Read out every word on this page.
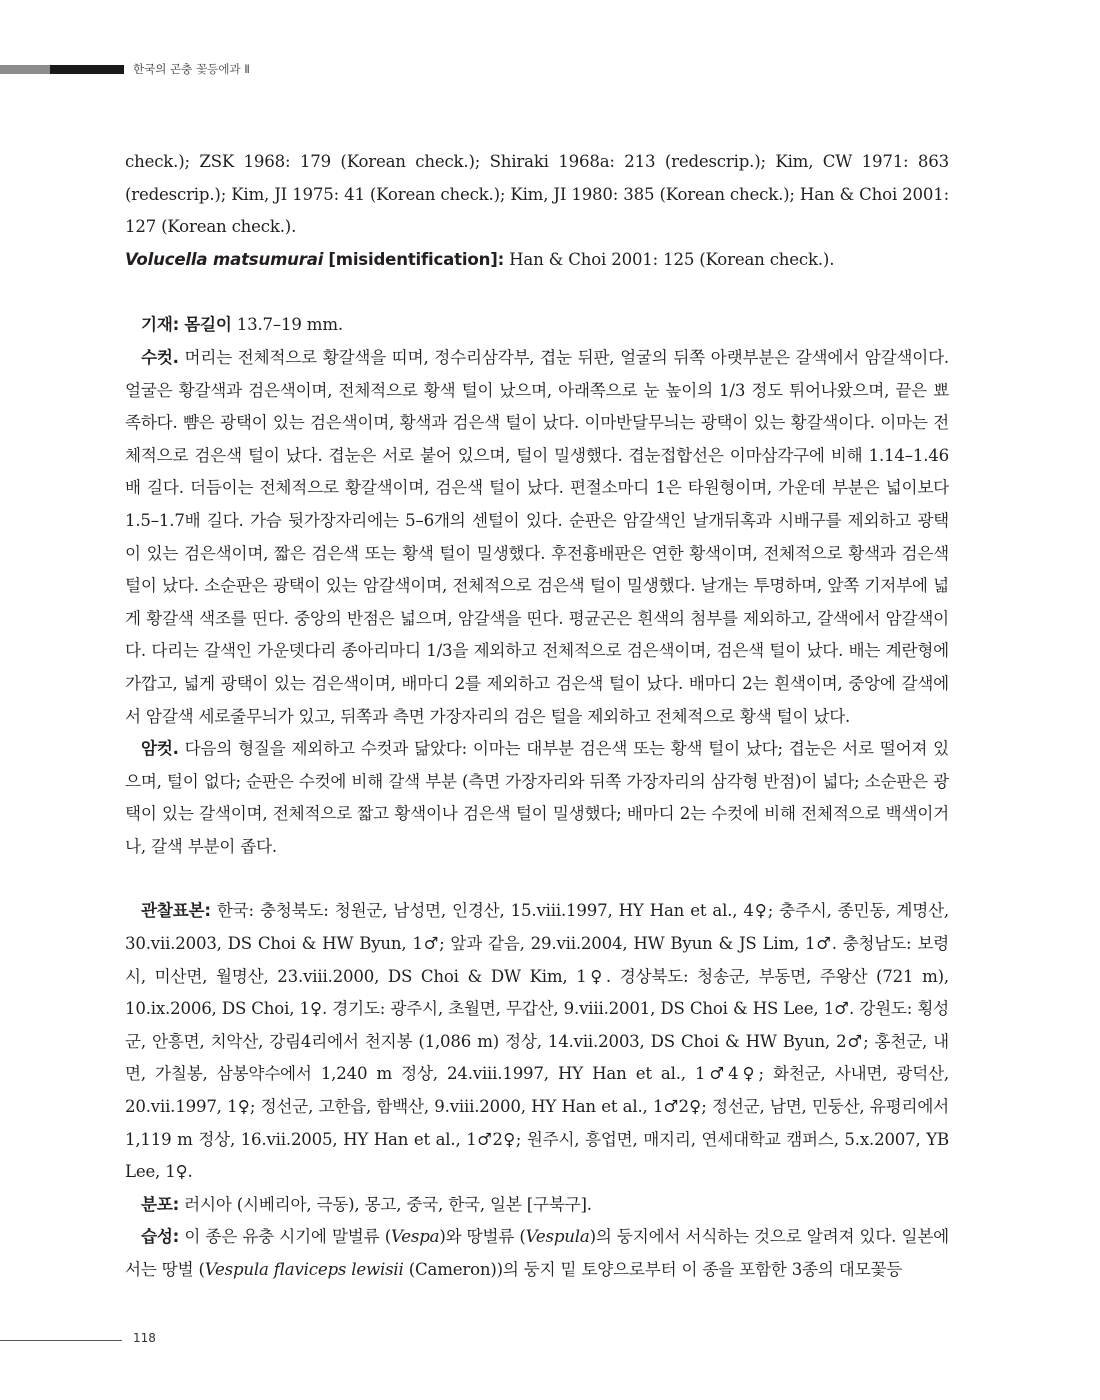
한국의 곤충 꽃등에과 Ⅱ

check.); ZSK 1968: 179 (Korean check.); Shiraki 1968a: 213 (redescrip.); Kim, CW 1971: 863 (redescrip.); Kim, JI 1975: 41 (Korean check.); Kim, JI 1980: 385 (Korean check.); Han & Choi 2001: 127 (Korean check.).
Volucella matsumurai [misidentification]: Han & Choi 2001: 125 (Korean check.).

기재: 몸길이 13.7–19 mm.

수컷. 머리는 전체적으로 황갈색을 띠며, 정수리삼각부, 겹눈 뒤판, 얼굴의 뒤쪽 아랫부분은 갈색에서 암갈색이다. 얼굴은 황갈색과 검은색이며, 전체적으로 황색 털이 났으며, 아래쪽으로 눈 높이의 1/3 정도 튀어나왔으며, 끝은 뾰족하다. 뺨은 광택이 있는 검은색이며, 황색과 검은색 털이 났다. 이마반달무늬는 광택이 있는 황갈색이다. 이마는 전체적으로 검은색 털이 났다. 겹눈은 서로 붙어 있으며, 털이 밀생했다. 겹눈접합선은 이마삼각구에 비해 1.14–1.46배 길다. 더듬이는 전체적으로 황갈색이며, 검은색 털이 났다. 편절소마디 1은 타원형이며, 가운데 부분은 넓이보다 1.5–1.7배 길다. 가슴 뒷가장자리에는 5–6개의 센털이 있다. 순판은 암갈색인 날개뒤혹과 시배구를 제외하고 광택이 있는 검은색이며, 짧은 검은색 또는 황색 털이 밀생했다. 후전흉배판은 연한 황색이며, 전체적으로 황색과 검은색 털이 났다. 소순판은 광택이 있는 암갈색이며, 전체적으로 검은색 털이 밀생했다. 날개는 투명하며, 앞쪽 기저부에 넓게 황갈색 색조를 띤다. 중앙의 반점은 넓으며, 암갈색을 띤다. 평균곤은 흰색의 첨부를 제외하고, 갈색에서 암갈색이다. 다리는 갈색인 가운뎃다리 종아리마디 1/3을 제외하고 전체적으로 검은색이며, 검은색 털이 났다. 배는 계란형에 가깝고, 넓게 광택이 있는 검은색이며, 배마디 2를 제외하고 검은색 털이 났다. 배마디 2는 흰색이며, 중앙에 갈색에서 암갈색 세로줄무늬가 있고, 뒤쪽과 측면 가장자리의 검은 털을 제외하고 전체적으로 황색 털이 났다.

암컷. 다음의 형질을 제외하고 수컷과 닮았다: 이마는 대부분 검은색 또는 황색 털이 났다; 겹눈은 서로 떨어져 있으며, 털이 없다; 순판은 수컷에 비해 갈색 부분 (측면 가장자리와 뒤쪽 가장자리의 삼각형 반점)이 넓다; 소순판은 광택이 있는 갈색이며, 전체적으로 짧고 황색이나 검은색 털이 밀생했다; 배마디 2는 수컷에 비해 전체적으로 백색이거나, 갈색 부분이 좁다.

관찰표본: 한국: 충청북도: 청원군, 남성면, 인경산, 15.viii.1997, HY Han et al., 4♀; 충주시, 종민동, 계명산, 30.vii.2003, DS Choi & HW Byun, 1♂; 앞과 같음, 29.vii.2004, HW Byun & JS Lim, 1♂. 충청남도: 보령시, 미산면, 월명산, 23.viii.2000, DS Choi & DW Kim, 1♀. 경상북도: 청송군, 부동면, 주왕산 (721 m), 10.ix.2006, DS Choi, 1♀. 경기도: 광주시, 초월면, 무갑산, 9.viii.2001, DS Choi & HS Lee, 1♂. 강원도: 횡성군, 안흥면, 치악산, 강림4리에서 천지봉 (1,086 m) 정상, 14.vii.2003, DS Choi & HW Byun, 2♂; 홍천군, 내면, 가칠봉, 삼봉약수에서 1,240 m 정상, 24.viii.1997, HY Han et al., 1♂4♀; 화천군, 사내면, 광덕산, 20.vii.1997, 1♀; 정선군, 고한읍, 함백산, 9.viii.2000, HY Han et al., 1♂2♀; 정선군, 남면, 민둥산, 유평리에서 1,119 m 정상, 16.vii.2005, HY Han et al., 1♂2♀; 원주시, 흥업면, 매지리, 연세대학교 캠퍼스, 5.x.2007, YB Lee, 1♀.

분포: 러시아 (시베리아, 극동), 몽고, 중국, 한국, 일본 [구북구].

습성: 이 종은 유충 시기에 말벌류 (Vespa)와 땅벌류 (Vespula)의 둥지에서 서식하는 것으로 알려져 있다. 일본에서는 땅벌 (Vespula flaviceps lewisii (Cameron))의 둥지 밑 토양으로부터 이 종을 포함한 3종의 대모꽃등

118
